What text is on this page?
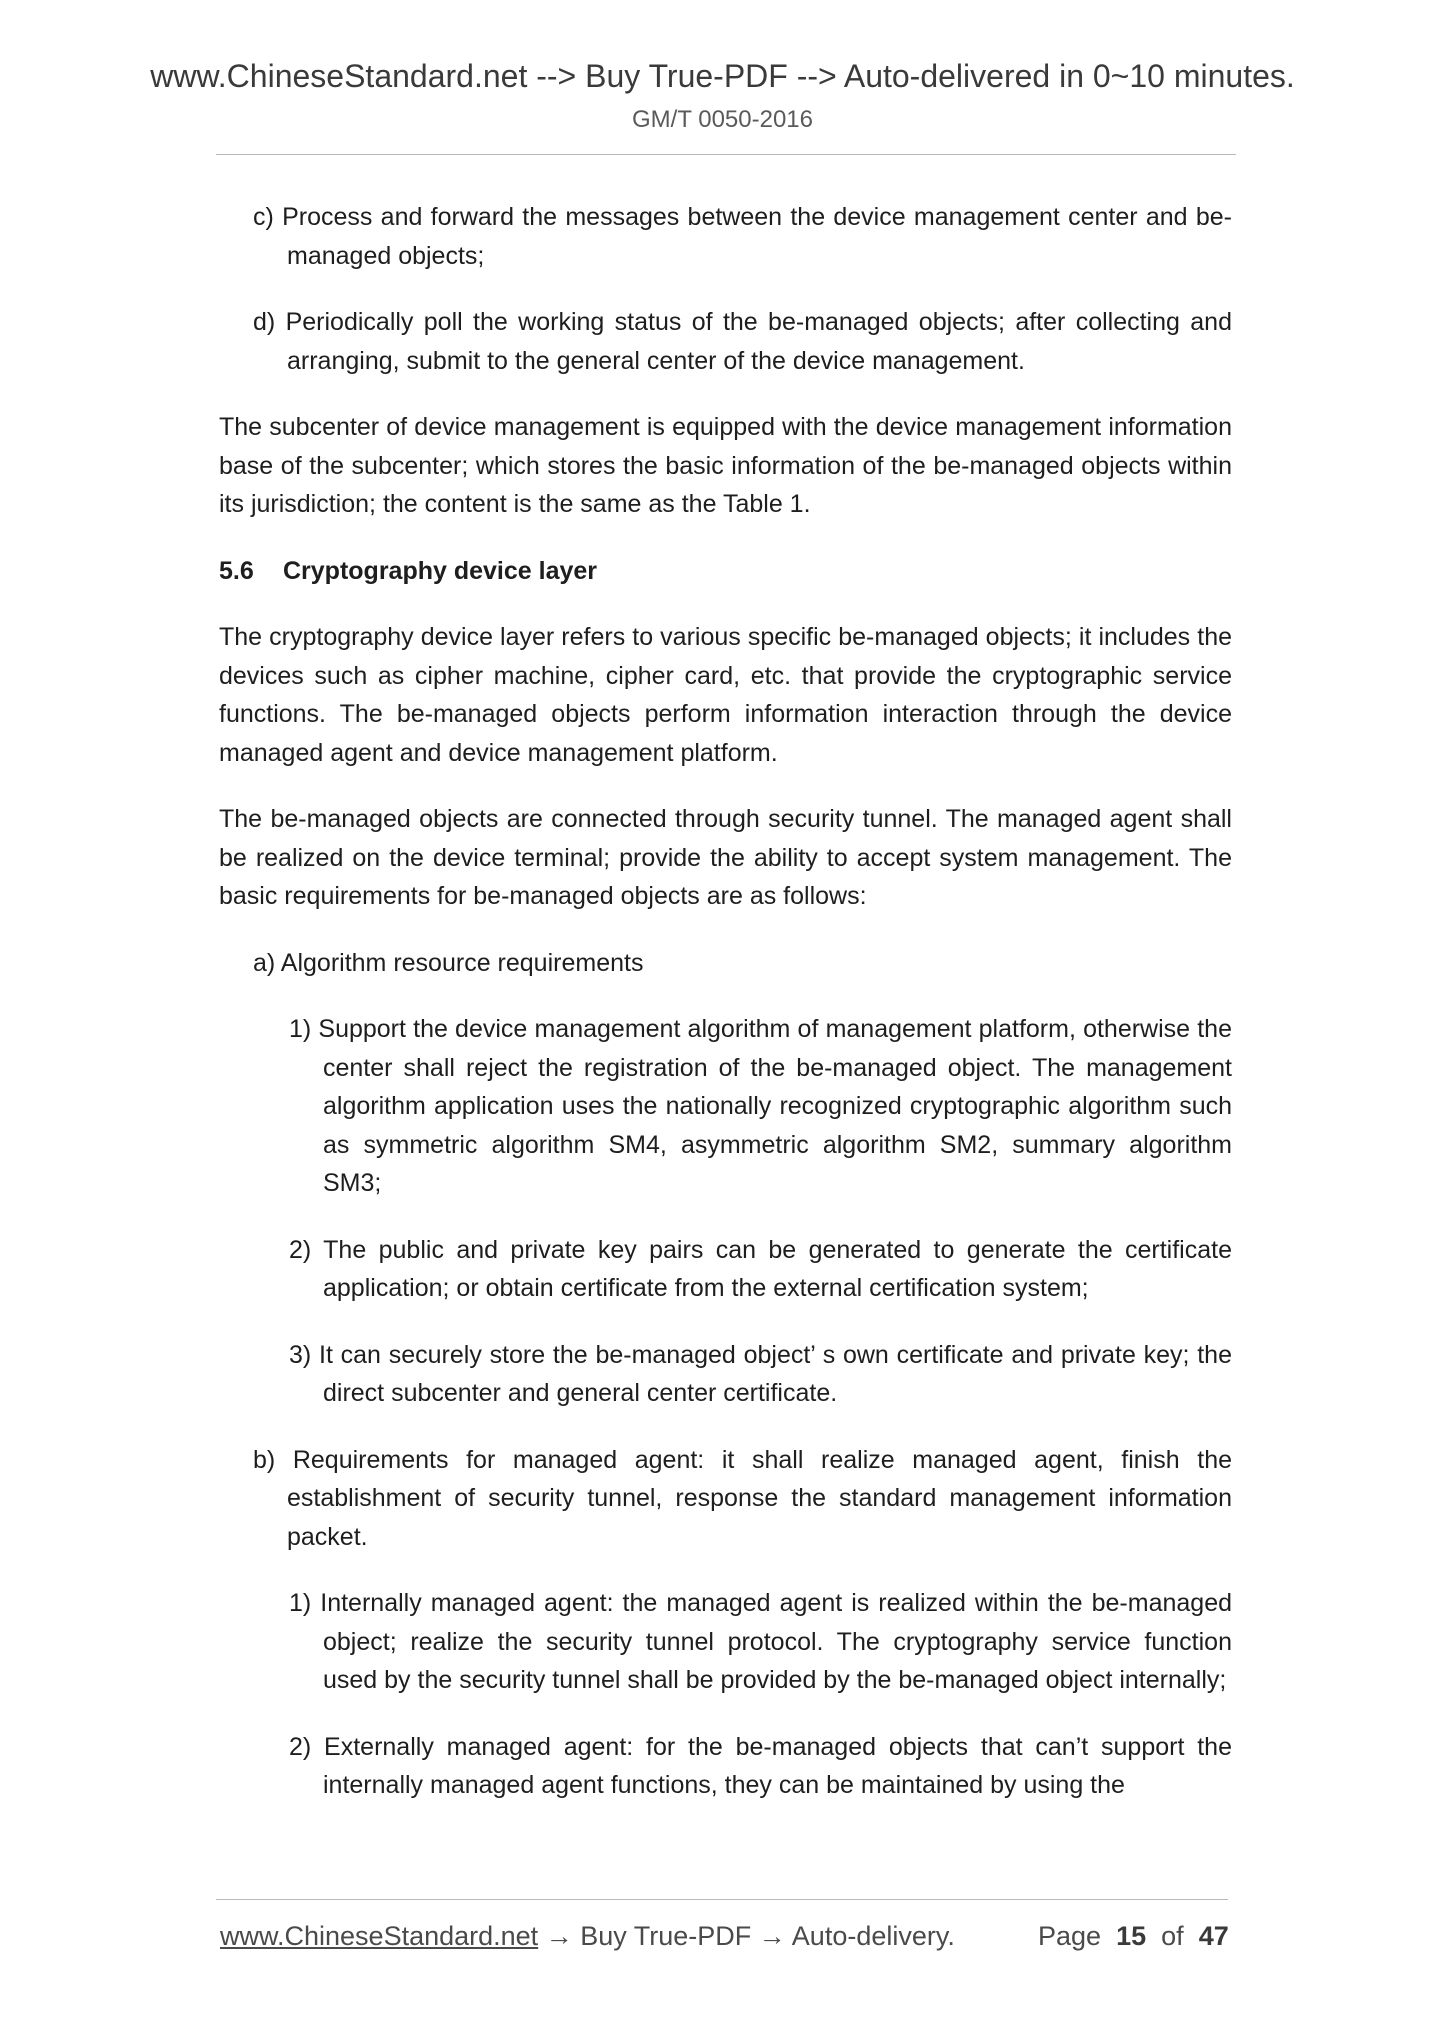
www.ChineseStandard.net --> Buy True-PDF --> Auto-delivered in 0~10 minutes.
GM/T 0050-2016

c) Process and forward the messages between the device management center and be-managed objects;

d) Periodically poll the working status of the be-managed objects; after collecting and arranging, submit to the general center of the device management.

The subcenter of device management is equipped with the device management information base of the subcenter; which stores the basic information of the be-managed objects within its jurisdiction; the content is the same as the Table 1.

5.6 Cryptography device layer

The cryptography device layer refers to various specific be-managed objects; it includes the devices such as cipher machine, cipher card, etc. that provide the cryptographic service functions. The be-managed objects perform information interaction through the device managed agent and device management platform.

The be-managed objects are connected through security tunnel. The managed agent shall be realized on the device terminal; provide the ability to accept system management. The basic requirements for be-managed objects are as follows:

a) Algorithm resource requirements

1) Support the device management algorithm of management platform, otherwise the center shall reject the registration of the be-managed object. The management algorithm application uses the nationally recognized cryptographic algorithm such as symmetric algorithm SM4, asymmetric algorithm SM2, summary algorithm SM3;

2) The public and private key pairs can be generated to generate the certificate application; or obtain certificate from the external certification system;

3) It can securely store the be-managed object’ s own certificate and private key; the direct subcenter and general center certificate.

b) Requirements for managed agent: it shall realize managed agent, finish the establishment of security tunnel, response the standard management information packet.

1) Internally managed agent: the managed agent is realized within the be-managed object; realize the security tunnel protocol. The cryptography service function used by the security tunnel shall be provided by the be-managed object internally;

2) Externally managed agent: for the be-managed objects that can’t support the internally managed agent functions, they can be maintained by using the

www.ChineseStandard.net → Buy True-PDF → Auto-delivery.	Page 15 of 47
